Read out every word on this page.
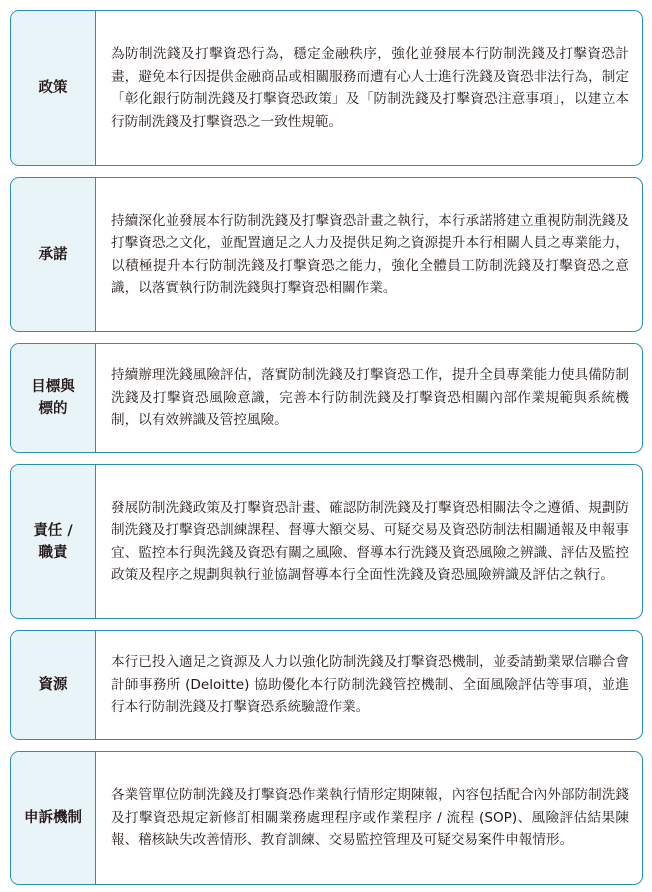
政策

為防制洗錢及打擊資恐行為，穩定金融秩序，強化並發展本行防制洗錢及打擊資恐計畫，避免本行因提供金融商品或相關服務而遭有心人士進行洗錢及資恐非法行為，制定「彰化銀行防制洗錢及打擊資恐政策」及「防制洗錢及打擊資恐注意事項」，以建立本行防制洗錢及打擊資恐之一致性規範。

承諾

持續深化並發展本行防制洗錢及打擊資恐計畫之執行，本行承諾將建立重視防制洗錢及打擊資恐之文化，並配置適足之人力及提供足夠之資源提升本行相關人員之專業能力，以積極提升本行防制洗錢及打擊資恐之能力，強化全體員工防制洗錢及打擊資恐之意識，以落實執行防制洗錢與打擊資恐相關作業。

目標與
標的

持續辦理洗錢風險評估，落實防制洗錢及打擊資恐工作，提升全員專業能力使具備防制洗錢及打擊資恐風險意識，完善本行防制洗錢及打擊資恐相關內部作業規範與系統機制，以有效辨識及管控風險。

責任 /
職責

發展防制洗錢政策及打擊資恐計畫、確認防制洗錢及打擊資恐相關法令之遵循、規劃防制洗錢及打擊資恐訓練課程、督導大額交易、可疑交易及資恐防制法相關通報及申報事宜、監控本行與洗錢及資恐有關之風險、督導本行洗錢及資恐風險之辨識、評估及監控政策及程序之規劃與執行並協調督導本行全面性洗錢及資恐風險辨識及評估之執行。

資源

本行已投入適足之資源及人力以強化防制洗錢及打擊資恐機制，並委請勤業眾信聯合會計師事務所 (Deloitte) 協助優化本行防制洗錢管控機制、全面風險評估等事項，並進行本行防制洗錢及打擊資恐系統驗證作業。

申訴機制

各業管單位防制洗錢及打擊資恐作業執行情形定期陳報，內容包括配合內外部防制洗錢及打擊資恐規定新修訂相關業務處理程序或作業程序 / 流程 (SOP)、風險評估結果陳報、稽核缺失改善情形、教育訓練、交易監控管理及可疑交易案件申報情形。
